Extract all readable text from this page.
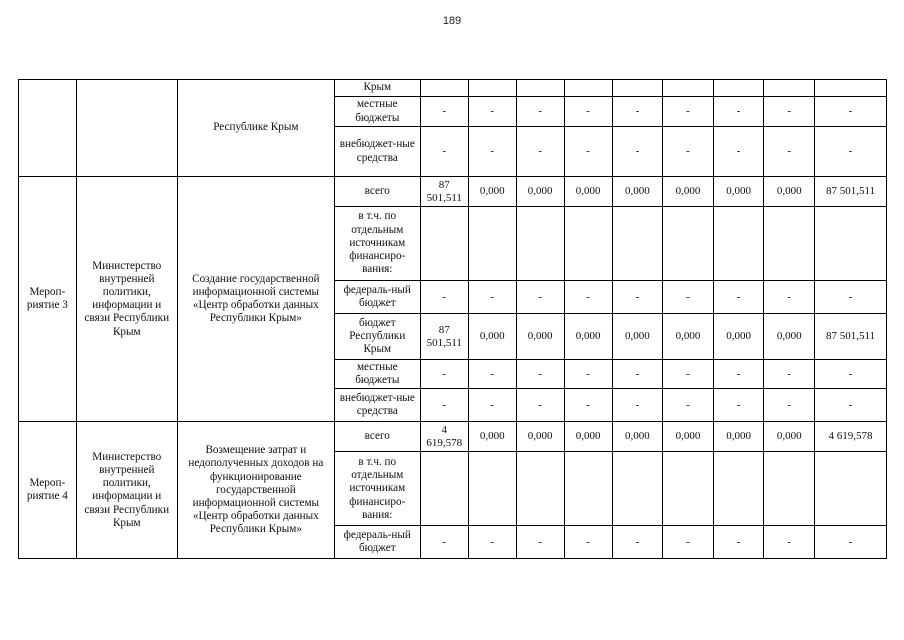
189
		Республике Крым	Крым									
			местные бюджеты	-	-	-	-	-	-	-	-	-
			внебюджет-ные средства	-	-	-	-	-	-	-	-	-
Мероп-риятие 3	Министерство внутренней политики, информации и связи Республики Крым	Создание государственной информационной системы «Центр обработки данных Республики Крым»	всего	87 501,511	0,000	0,000	0,000	0,000	0,000	0,000	0,000	87 501,511
			в т.ч. по отдельным источникам финансиро-вания:									
			федераль-ный бюджет	-	-	-	-	-	-	-	-	-
			бюджет Республики Крым	87 501,511	0,000	0,000	0,000	0,000	0,000	0,000	0,000	87 501,511
			местные бюджеты	-	-	-	-	-	-	-	-	-
			внебюджет-ные средства	-	-	-	-	-	-	-	-	-
Мероп-риятие 4	Министерство внутренней политики, информации и связи Республики Крым	Возмещение затрат и недополученных доходов на функционирование государственной информационной системы «Центр обработки данных Республики Крым»	всего	4 619,578	0,000	0,000	0,000	0,000	0,000	0,000	0,000	4 619,578
			в т.ч. по отдельным источникам финансиро-вания:									
			федераль-ный бюджет	-	-	-	-	-	-	-	-	-
